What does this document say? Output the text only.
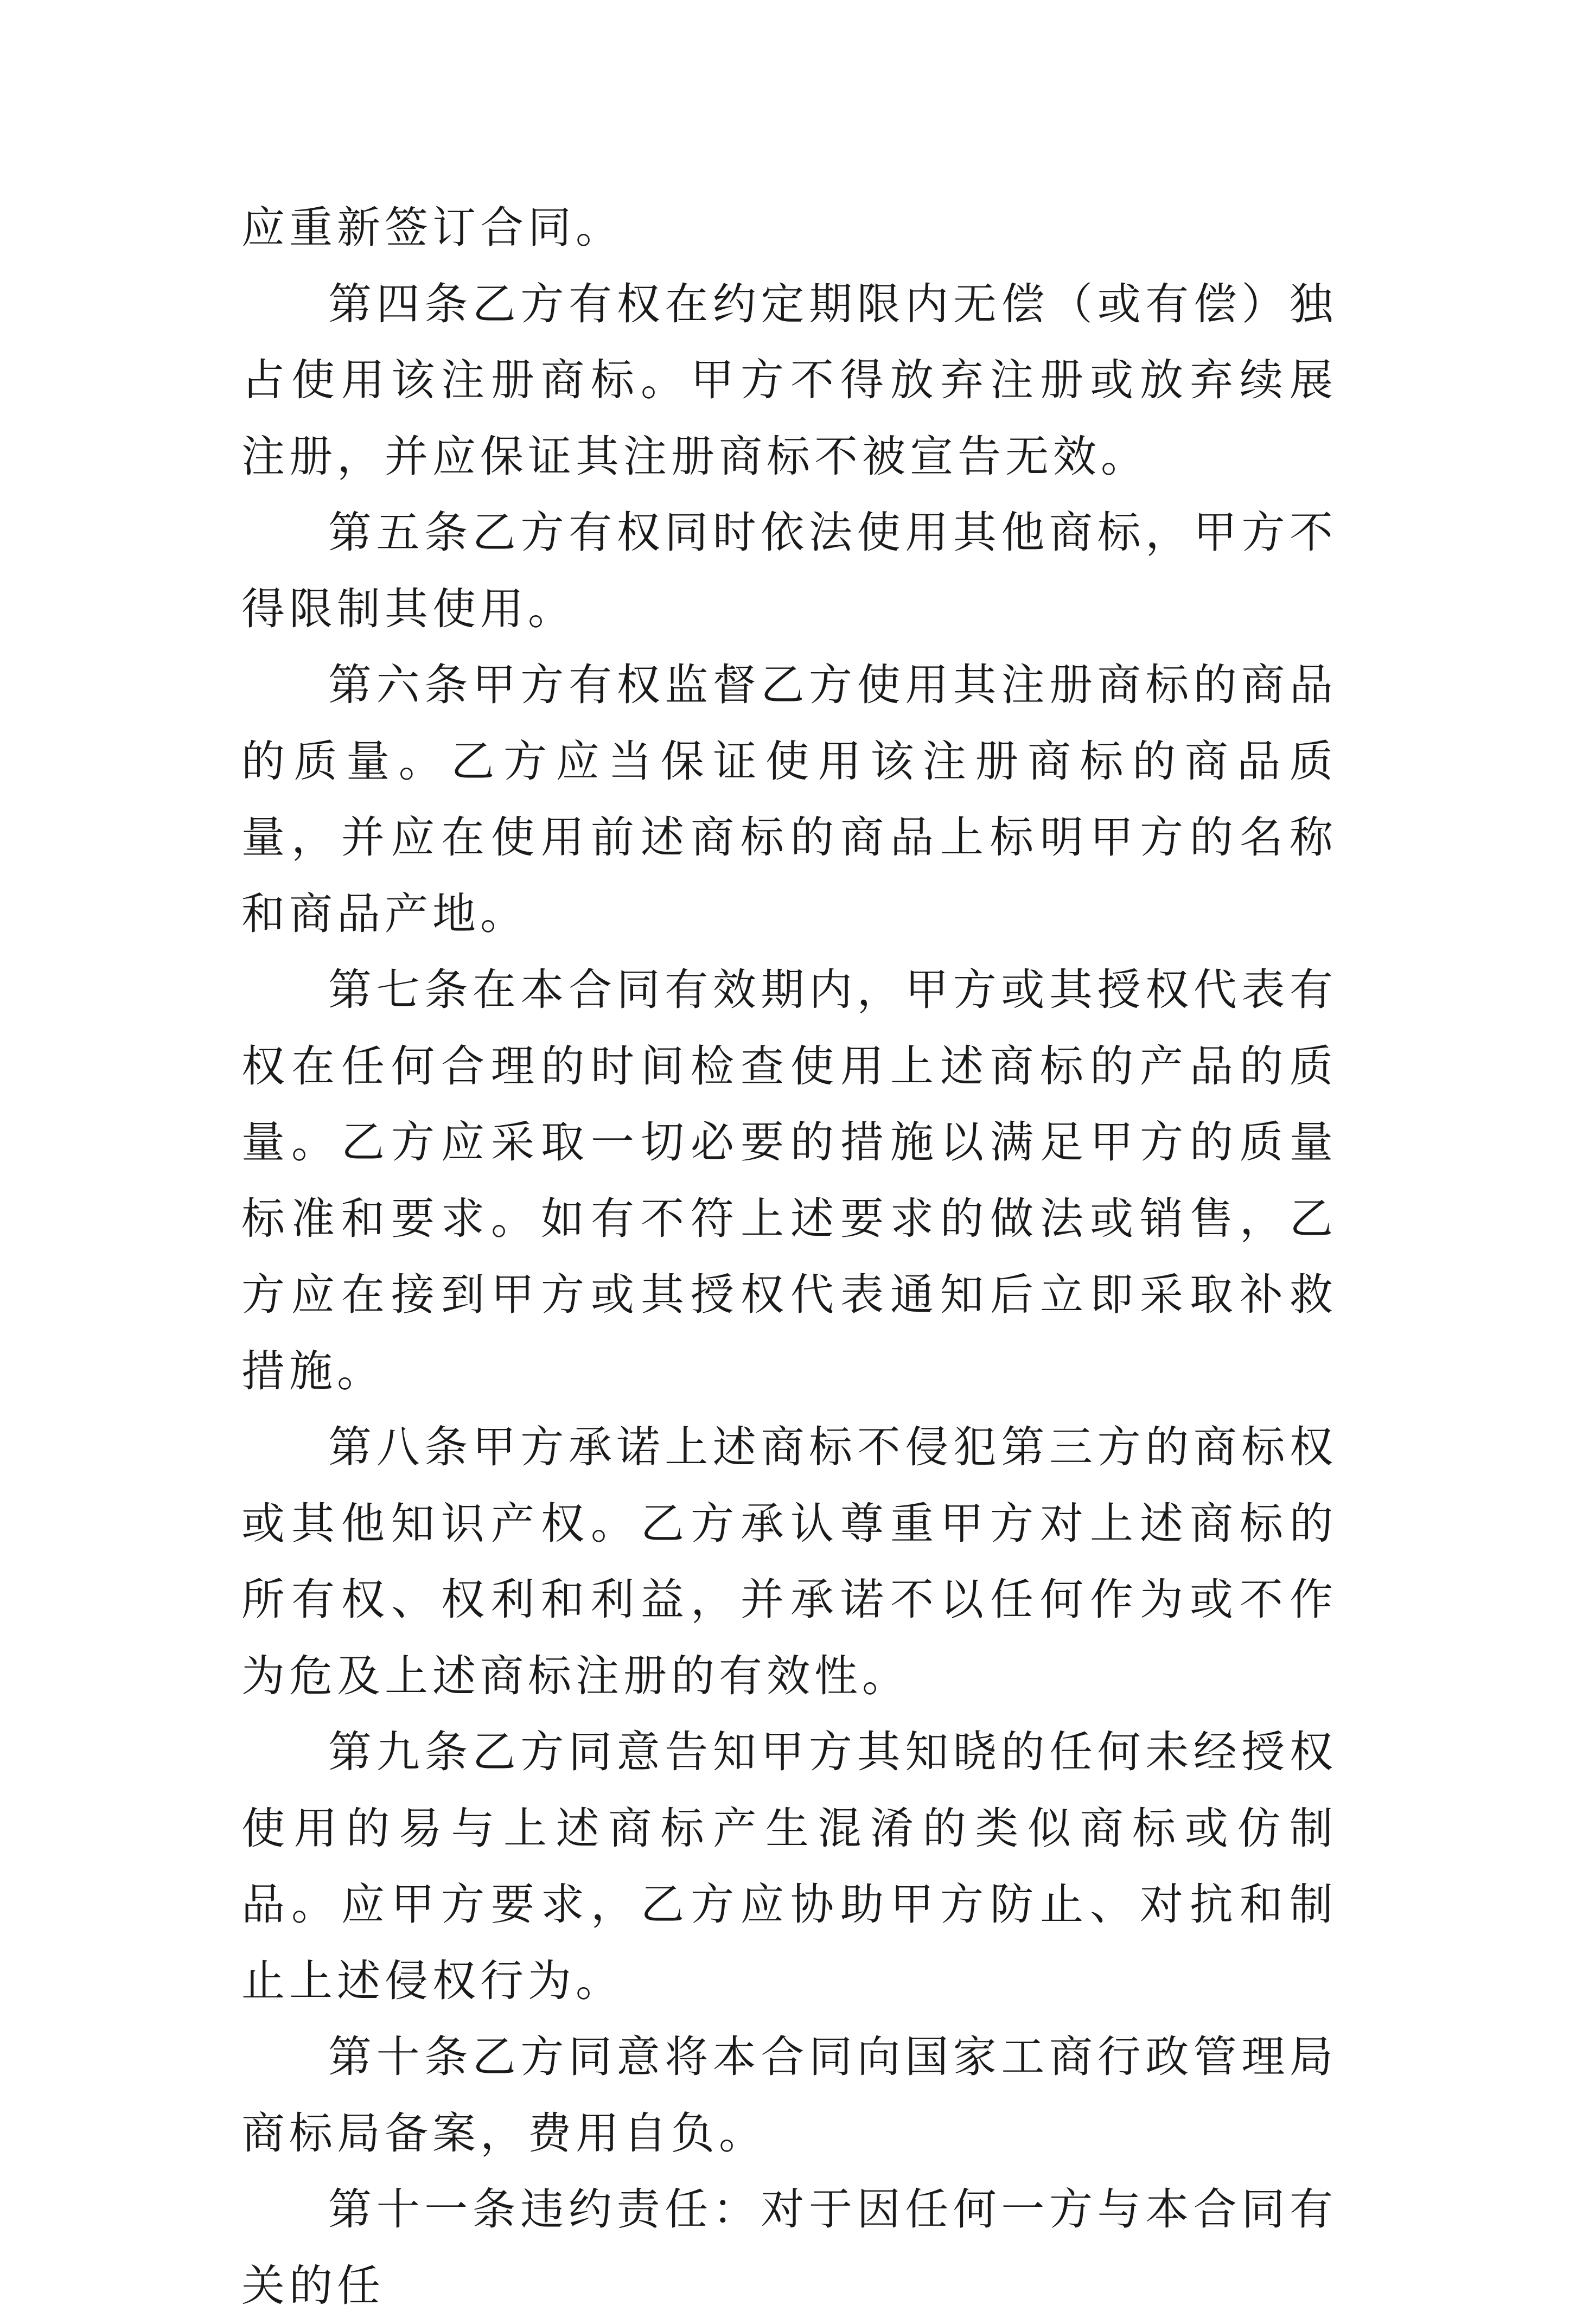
应重新签订合同。

第四条乙方有权在约定期限内无偿（或有偿）独占使用该注册商标。甲方不得放弃注册或放弃续展注册，并应保证其注册商标不被宣告无效。

第五条乙方有权同时依法使用其他商标，甲方不得限制其使用。

第六条甲方有权监督乙方使用其注册商标的商品的质量。乙方应当保证使用该注册商标的商品质量，并应在使用前述商标的商品上标明甲方的名称和商品产地。

第七条在本合同有效期内，甲方或其授权代表有权在任何合理的时间检查使用上述商标的产品的质量。乙方应采取一切必要的措施以满足甲方的质量标准和要求。如有不符上述要求的做法或销售，乙方应在接到甲方或其授权代表通知后立即采取补救措施。

第八条甲方承诺上述商标不侵犯第三方的商标权或其他知识产权。乙方承认尊重甲方对上述商标的所有权、权利和利益，并承诺不以任何作为或不作为危及上述商标注册的有效性。

第九条乙方同意告知甲方其知晓的任何未经授权使用的易与上述商标产生混淆的类似商标或仿制品。应甲方要求，乙方应协助甲方防止、对抗和制止上述侵权行为。

第十条乙方同意将本合同向国家工商行政管理局商标局备案，费用自负。

第十一条违约责任：对于因任何一方与本合同有关的任
